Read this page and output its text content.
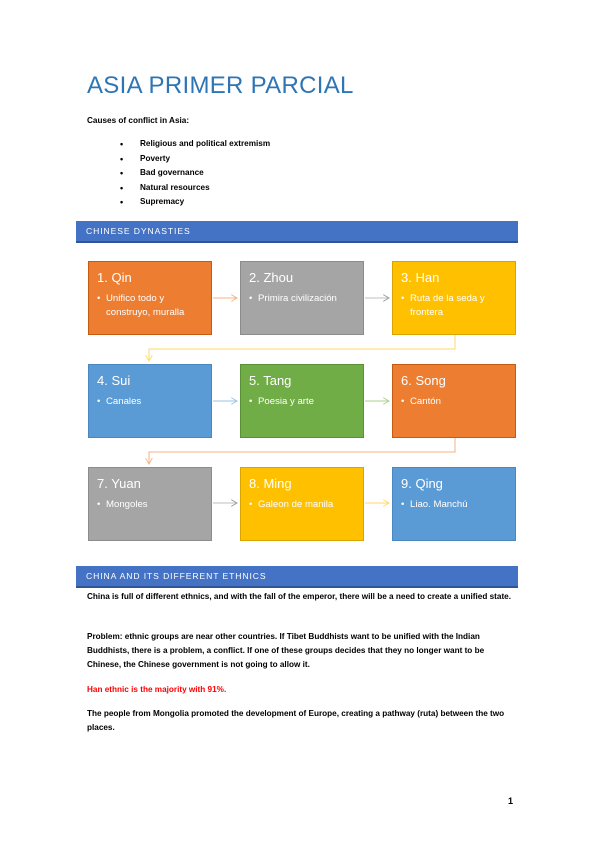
ASIA PRIMER PARCIAL
Causes of conflict in Asia:
• Religious and political extremism
• Poverty
• Bad governance
• Natural resources
• Supremacy
CHINESE DYNASTIES
1. Qin
• Unifico todo y construyo, muralla
2. Zhou
• Primira civilización
3. Han
• Ruta de la seda y frontera
4. Sui
• Canales
5. Tang
• Poesia y arte
6. Song
• Cantón
7. Yuan
• Mongoles
8. Ming
• Galeon de manila
9. Qing
• Liao. Manchú
CHINA AND ITS DIFFERENT ETHNICS
China is full of different ethnics, and with the fall of the emperor, there will be a need to create a unified state.
Problem: ethnic groups are near other countries. If Tibet Buddhists want to be unified with the Indian Buddhists, there is a problem, a conflict. If one of these groups decides that they no longer want to be Chinese, the Chinese government is not going to allow it.
Han ethnic is the majority with 91%.
The people from Mongolia promoted the development of Europe, creating a pathway (ruta) between the two places.
1
